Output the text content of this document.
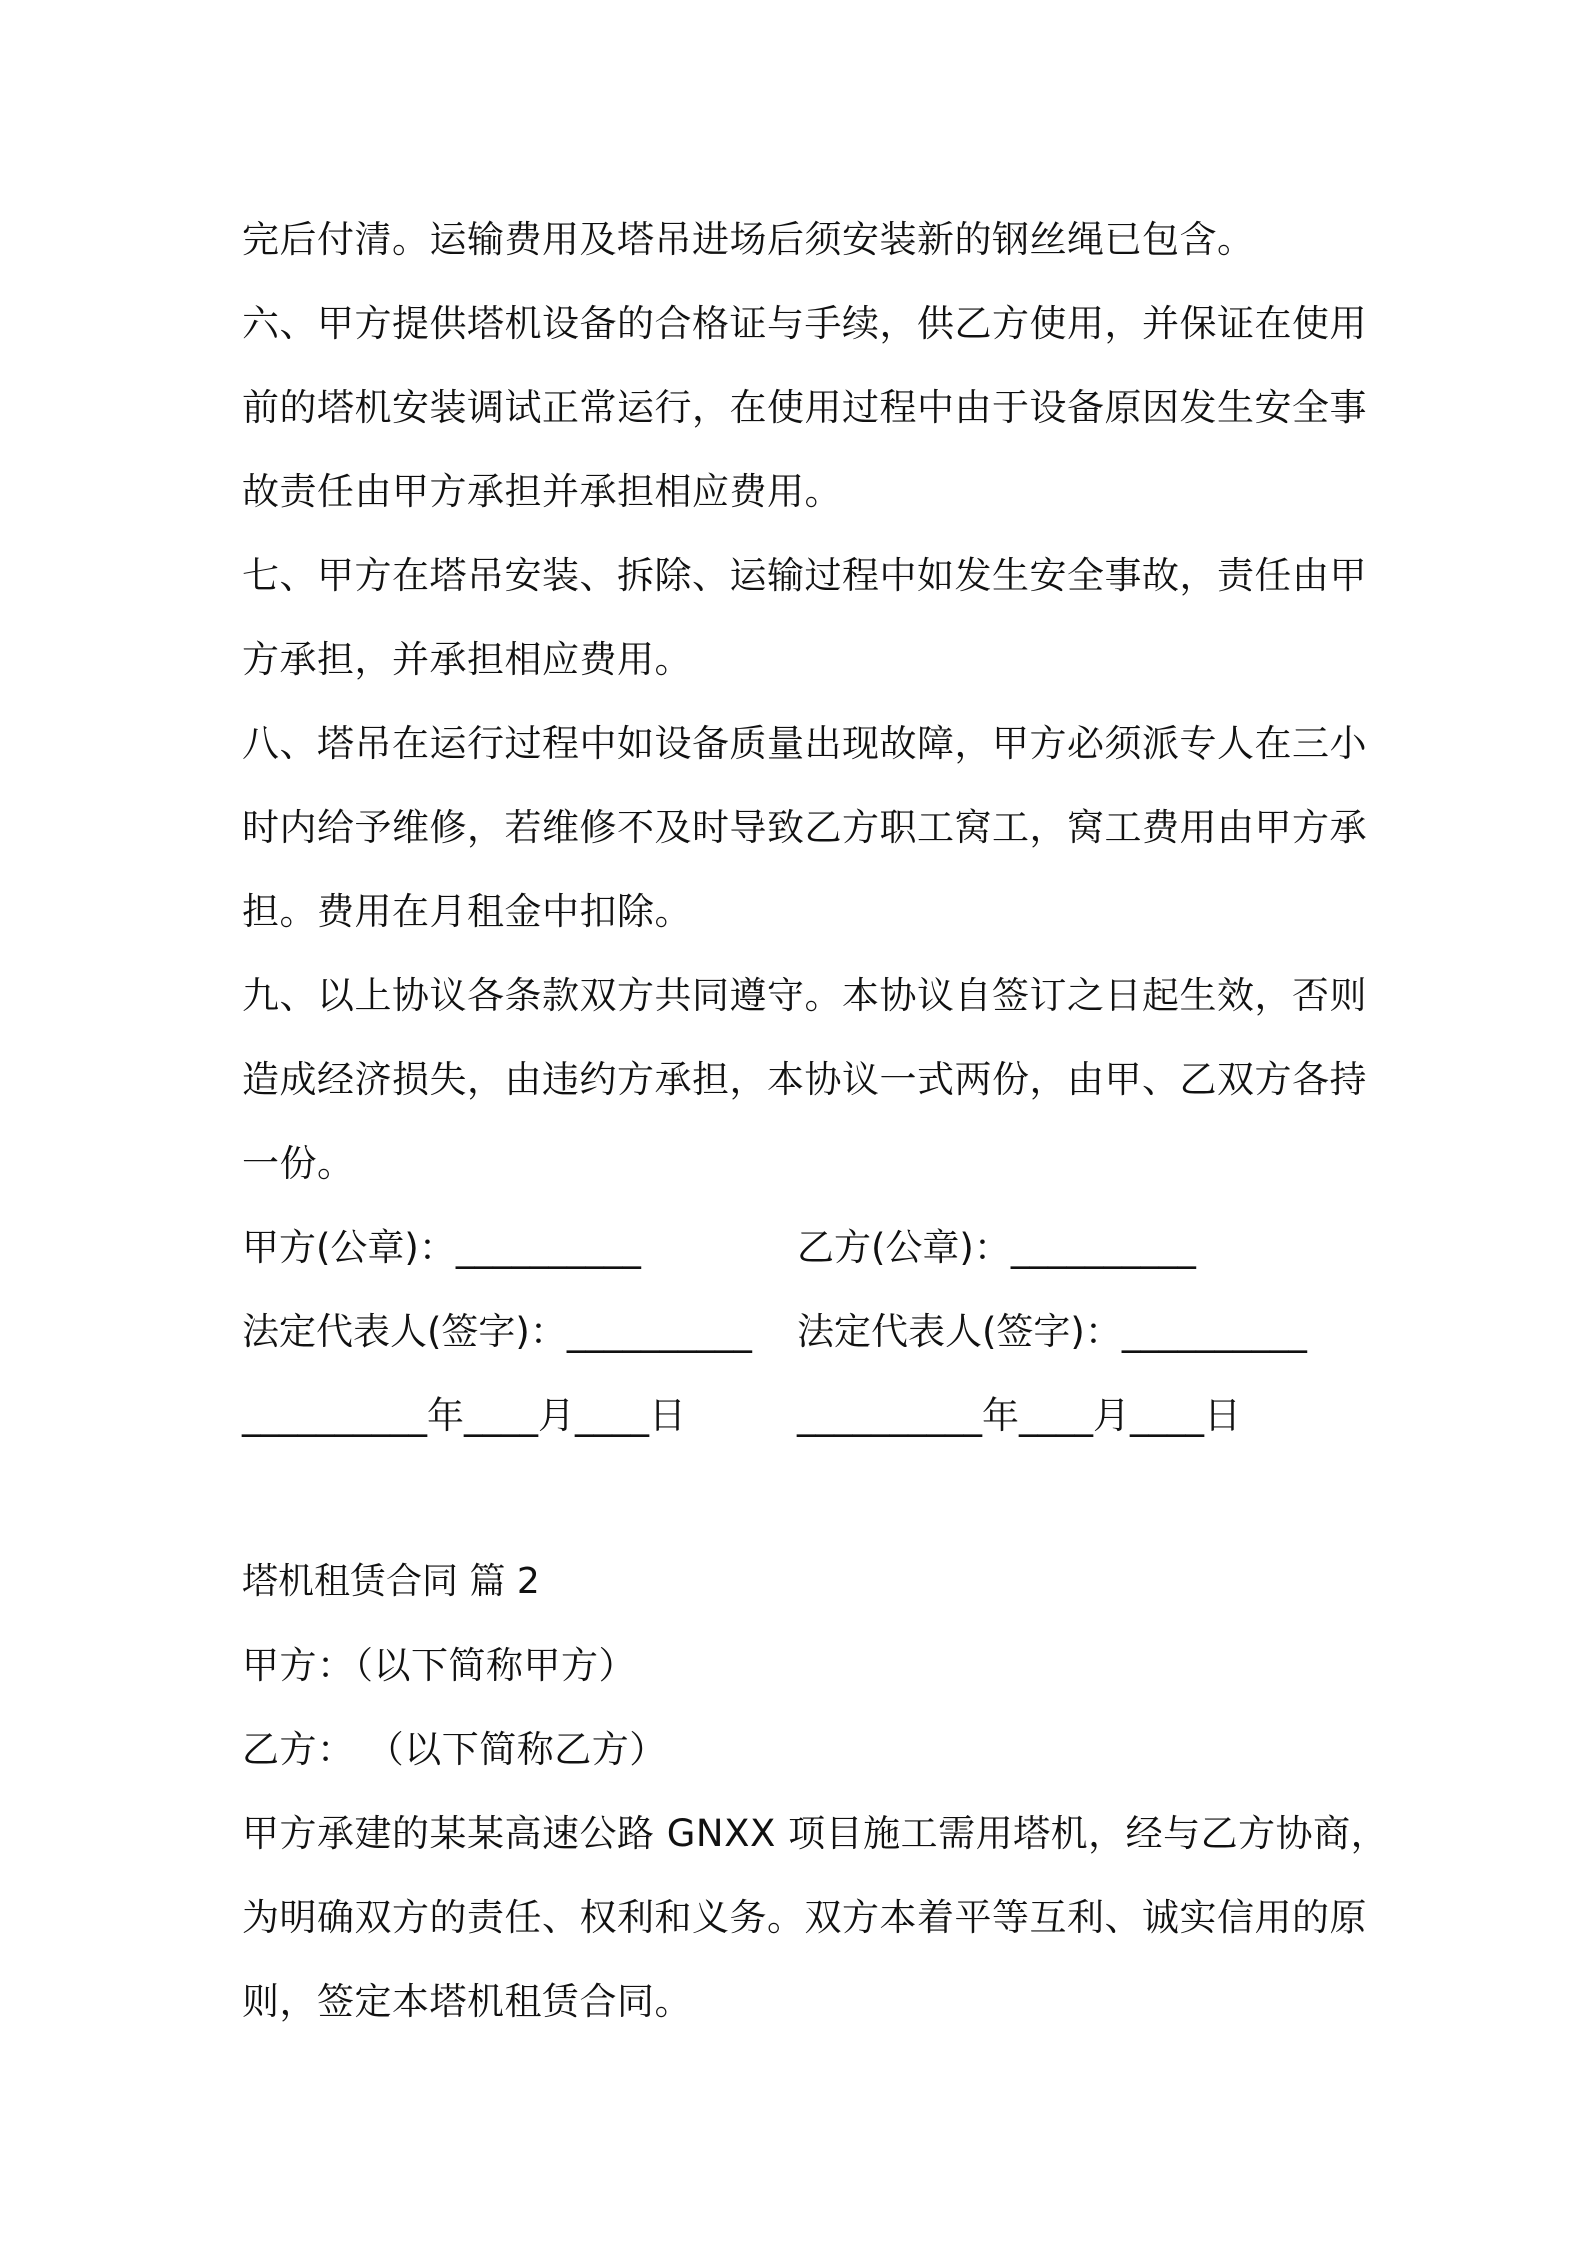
完后付清。运输费用及塔吊进场后须安装新的钢丝绳已包含。
六、甲方提供塔机设备的合格证与手续，供乙方使用，并保证在使用
前的塔机安装调试正常运行，在使用过程中由于设备原因发生安全事
故责任由甲方承担并承担相应费用。
七、甲方在塔吊安装、拆除、运输过程中如发生安全事故，责任由甲
方承担，并承担相应费用。
八、塔吊在运行过程中如设备质量出现故障，甲方必须派专人在三小
时内给予维修，若维修不及时导致乙方职工窝工，窝工费用由甲方承
担。费用在月租金中扣除。
九、以上协议各条款双方共同遵守。本协议自签订之日起生效，否则
造成经济损失，由违约方承担，本协议一式两份，由甲、乙双方各持
一份。
甲方(公章)：__________	乙方(公章)：__________
法定代表人(签字)：__________	法定代表人(签字)：__________
__________年____月____日	__________年____月____日
塔机租赁合同 篇 2
甲方：（以下简称甲方）
乙方： （以下简称乙方）
甲方承建的某某高速公路 GNXX 项目施工需用塔机，经与乙方协商，
为明确双方的责任、权利和义务。双方本着平等互利、诚实信用的原
则，签定本塔机租赁合同。
